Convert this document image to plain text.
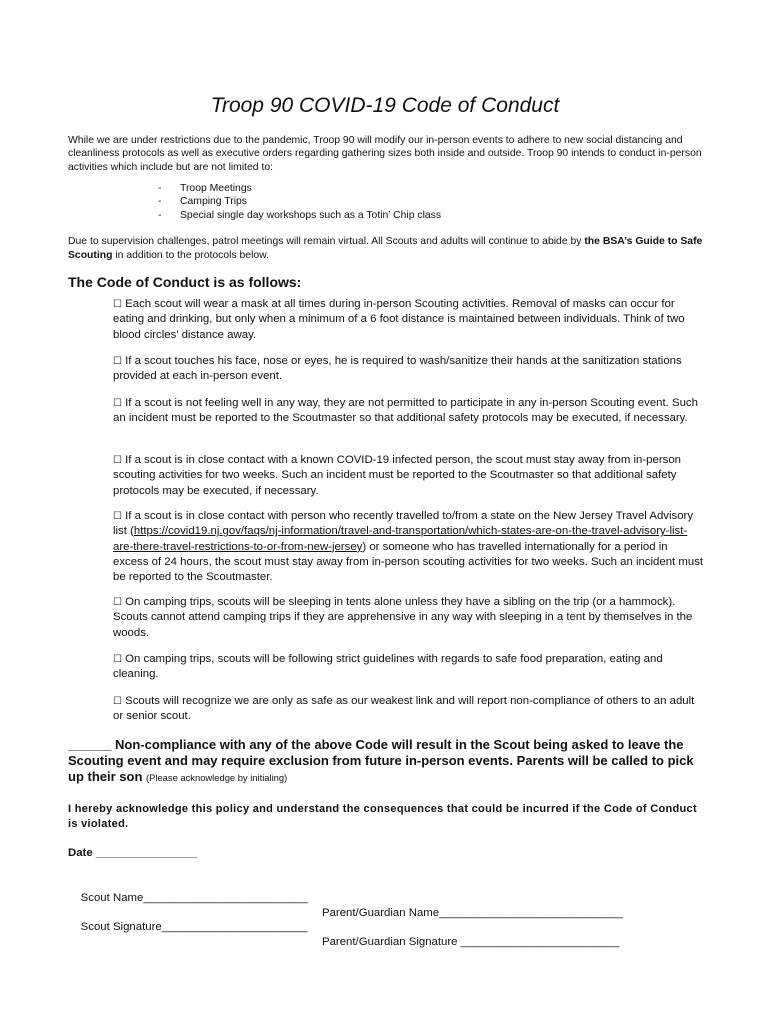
Troop 90 COVID-19 Code of Conduct
While we are under restrictions due to the pandemic, Troop 90 will modify our in-person events to adhere to new social distancing and cleanliness protocols as well as executive orders regarding gathering sizes both inside and outside. Troop 90 intends to conduct in-person activities which include but are not limited to:
- Troop Meetings
- Camping Trips
- Special single day workshops such as a Totin’ Chip class
Due to supervision challenges, patrol meetings will remain virtual. All Scouts and adults will continue to abide by the BSA’s Guide to Safe Scouting in addition to the protocols below.
The Code of Conduct is as follows:
☐ Each scout will wear a mask at all times during in-person Scouting activities. Removal of masks can occur for eating and drinking, but only when a minimum of a 6 foot distance is maintained between individuals. Think of two blood circles’ distance away.
☐ If a scout touches his face, nose or eyes, he is required to wash/sanitize their hands at the sanitization stations provided at each in-person event.
☐ If a scout is not feeling well in any way, they are not permitted to participate in any in-person Scouting event. Such an incident must be reported to the Scoutmaster so that additional safety protocols may be executed, if necessary.
☐ If a scout is in close contact with a known COVID-19 infected person, the scout must stay away from in-person scouting activities for two weeks. Such an incident must be reported to the Scoutmaster so that additional safety protocols may be executed, if necessary.
☐ If a scout is in close contact with person who recently travelled to/from a state on the New Jersey Travel Advisory list (https://covid19.nj.gov/faqs/nj-information/travel-and-transportation/which-states-are-on-the-travel-advisory-list-are-there-travel-restrictions-to-or-from-new-jersey) or someone who has travelled internationally for a period in excess of 24 hours, the scout must stay away from in-person scouting activities for two weeks. Such an incident must be reported to the Scoutmaster.
☐ On camping trips, scouts will be sleeping in tents alone unless they have a sibling on the trip (or a hammock). Scouts cannot attend camping trips if they are apprehensive in any way with sleeping in a tent by themselves in the woods.
☐ On camping trips, scouts will be following strict guidelines with regards to safe food preparation, eating and cleaning.
☐ Scouts will recognize we are only as safe as our weakest link and will report non-compliance of others to an adult or senior scout.
______ Non-compliance with any of the above Code will result in the Scout being asked to leave the Scouting event and may require exclusion from future in-person events. Parents will be called to pick up their son (Please acknowledge by initialing)
I hereby acknowledge this policy and understand the consequences that could be incurred if the Code of Conduct is violated.
Date ________________

Scout Name__________________________

Parent/Guardian Name_____________________________

Scout Signature_______________________

Parent/Guardian Signature _________________________
